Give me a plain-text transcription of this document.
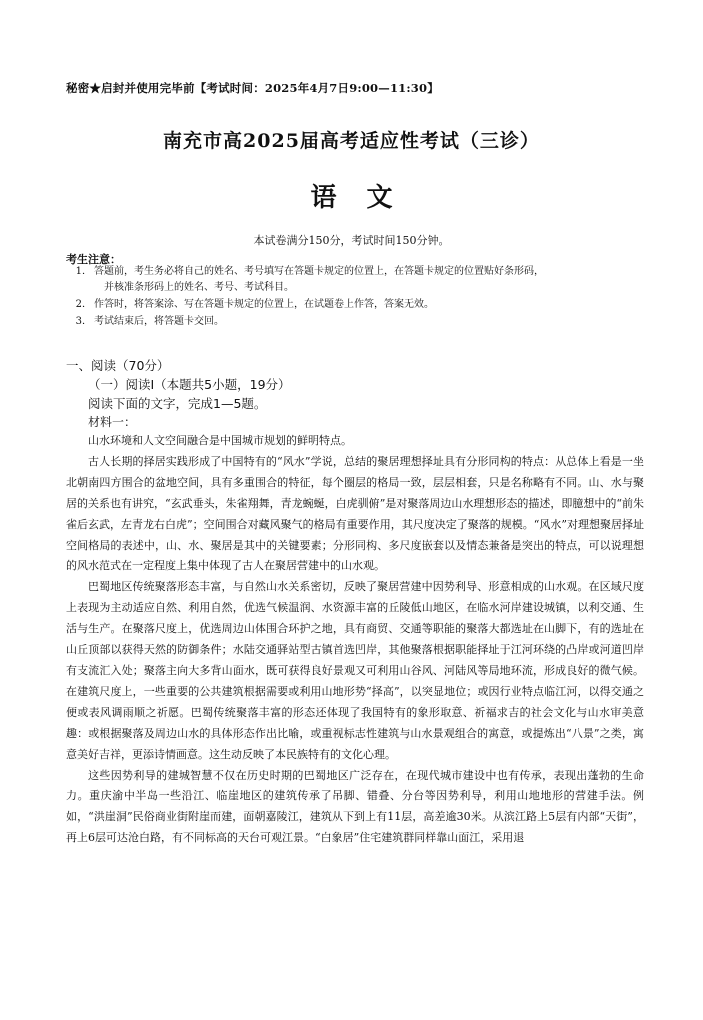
秘密★启封并使用完毕前【考试时间：2025年4月7日9:00—11:30】
南充市高2025届高考适应性考试（三诊）
语文
本试卷满分150分，考试时间150分钟。
考生注意：
1． 答题前，考生务必将自己的姓名、考号填写在答题卡规定的位置上，在答题卡规定的位置贴好条形码，
并核准条形码上的姓名、考号、考试科目。
2． 作答时，将答案涂、写在答题卡规定的位置上，在试题卷上作答，答案无效。
3． 考试结束后，将答题卡交回。
一、阅读（70分）
（一）阅读Ⅰ（本题共5小题，19分）
阅读下面的文字，完成1—5题。
材料一：

山水环境和人文空间融合是中国城市规划的鲜明特点。

古人长期的择居实践形成了中国特有的“风水”学说，总结的聚居理想择址具有分形同构的特点：从总体上看是一坐北朝南四方围合的盆地空间，具有多重围合的特征，每个圈层的格局一致，层层相套，只是名称略有不同。山、水与聚居的关系也有讲究，“玄武垂头，朱雀翔舞，青龙蜿蜒，白虎驯俯”是对聚落周边山水理想形态的描述，即臆想中的“前朱雀后玄武，左青龙右白虎”；空间围合对藏风聚气的格局有重要作用，其尺度决定了聚落的规模。“风水”对理想聚居择址空间格局的表述中，山、水、聚居是其中的关键要素；分形同构、多尺度嵌套以及情态兼备是突出的特点，可以说理想的风水范式在一定程度上集中体现了古人在聚居营建中的山水观。

巴蜀地区传统聚落形态丰富，与自然山水关系密切，反映了聚居营建中因势利导、形意相成的山水观。在区域尺度上表现为主动适应自然、利用自然，优选气候温润、水资源丰富的丘陵低山地区，在临水河岸建设城镇，以利交通、生活与生产。在聚落尺度上，优选周边山体围合环护之地，具有商贸、交通等职能的聚落大都选址在山脚下，有的选址在山丘顶部以获得天然的防御条件；水陆交通驿站型古镇首选凹岸，其他聚落根据职能择址于江河环绕的凸岸或河道凹岸有支流汇入处；聚落主向大多背山面水，既可获得良好景观又可利用山谷风、河陆风等局地环流，形成良好的微气候。在建筑尺度上，一些重要的公共建筑根据需要或利用山地形势“择高”，以突显地位；或因行业特点临江河，以得交通之便或表风调雨顺之祈愿。巴蜀传统聚落丰富的形态还体现了我国特有的象形取意、祈福求吉的社会文化与山水审美意趣：或根据聚落及周边山水的具体形态作出比喻，或重视标志性建筑与山水景观组合的寓意，或提炼出“八景”之类，寓意美好吉祥，更添诗情画意。这生动反映了本民族特有的文化心理。

这些因势利导的建城智慧不仅在历史时期的巴蜀地区广泛存在，在现代城市建设中也有传承，表现出蓬勃的生命力。重庆渝中半岛一些沿江、临崖地区的建筑传承了吊脚、错叠、分台等因势利导，利用山地地形的营建手法。例如，“洪崖洞”民俗商业街附崖而建，面朝嘉陵江，建筑从下到上有11层，高差逾30米。从滨江路上5层有内部“天街”，再上6层可达沧白路，有不同标高的天台可观江景。“白象居”住宅建筑群同样靠山面江，采用退
